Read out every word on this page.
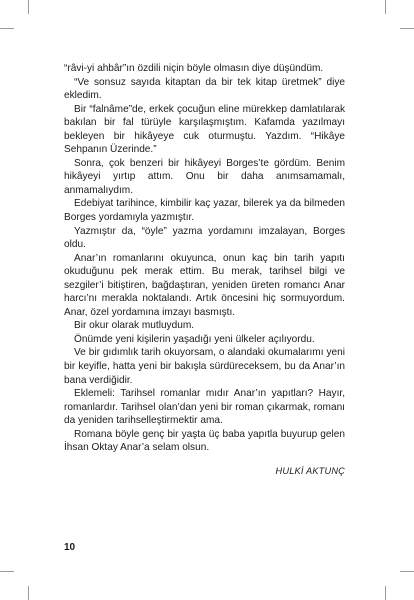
“râvi-yi ahbâr”ın özdili niçin böyle olmasın diye düşündüm.

“Ve sonsuz sayıda kitaptan da bir tek kitap üretmek” diye ekledim.

Bir “falnâme”de, erkek çocuğun eline mürekkep damlatılarak bakılan bir fal türüyle karşılaşmıştım. Kafamda yazılmayı bekleyen bir hikâyeye cuk oturmuştu. Yazdım. “Hikâye Sehpanın Üzerinde.”

Sonra, çok benzeri bir hikâyeyi Borges’te gördüm. Benim hikâyeyi yırtıp attım. Onu bir daha anımsamamalı, anmamalıydım.

Edebiyat tarihince, kimbilir kaç yazar, bilerek ya da bilmeden Borges yordamıyla yazmıştır.

Yazmıştır da, “öyle” yazma yordamını imzalayan, Borges oldu.

Anar’ın romanlarını okuyunca, onun kaç bin tarih yapıtı okuduğunu pek merak ettim. Bu merak, tarihsel bilgi ve sezgiler’i bitiştiren, bağdaştıran, yeniden üreten romancı Anar harcı’nı merakla noktalandı. Artık öncesini hiç sormuyordum. Anar, özel yordamına imzayı basmıştı.

Bir okur olarak mutluydum.

Önümde yeni kişilerin yaşadığı yeni ülkeler açılıyordu.

Ve bir gıdımlık tarih okuyorsam, o alandaki okumalarımı yeni bir keyifle, hatta yeni bir bakışla sürdüreceksem, bu da Anar’ın bana verdiğidir.

Eklemeli: Tarihsel romanlar mıdır Anar’ın yapıtları? Hayır, romanlardır. Tarihsel olan’dan yeni bir roman çıkarmak, romanı da yeniden tarihselleştirmektir ama.

Romana böyle genç bir yaşta üç baba yapıtla buyurup gelen İhsan Oktay Anar’a selam olsun.

HULKİ AKTUNÇ

10
